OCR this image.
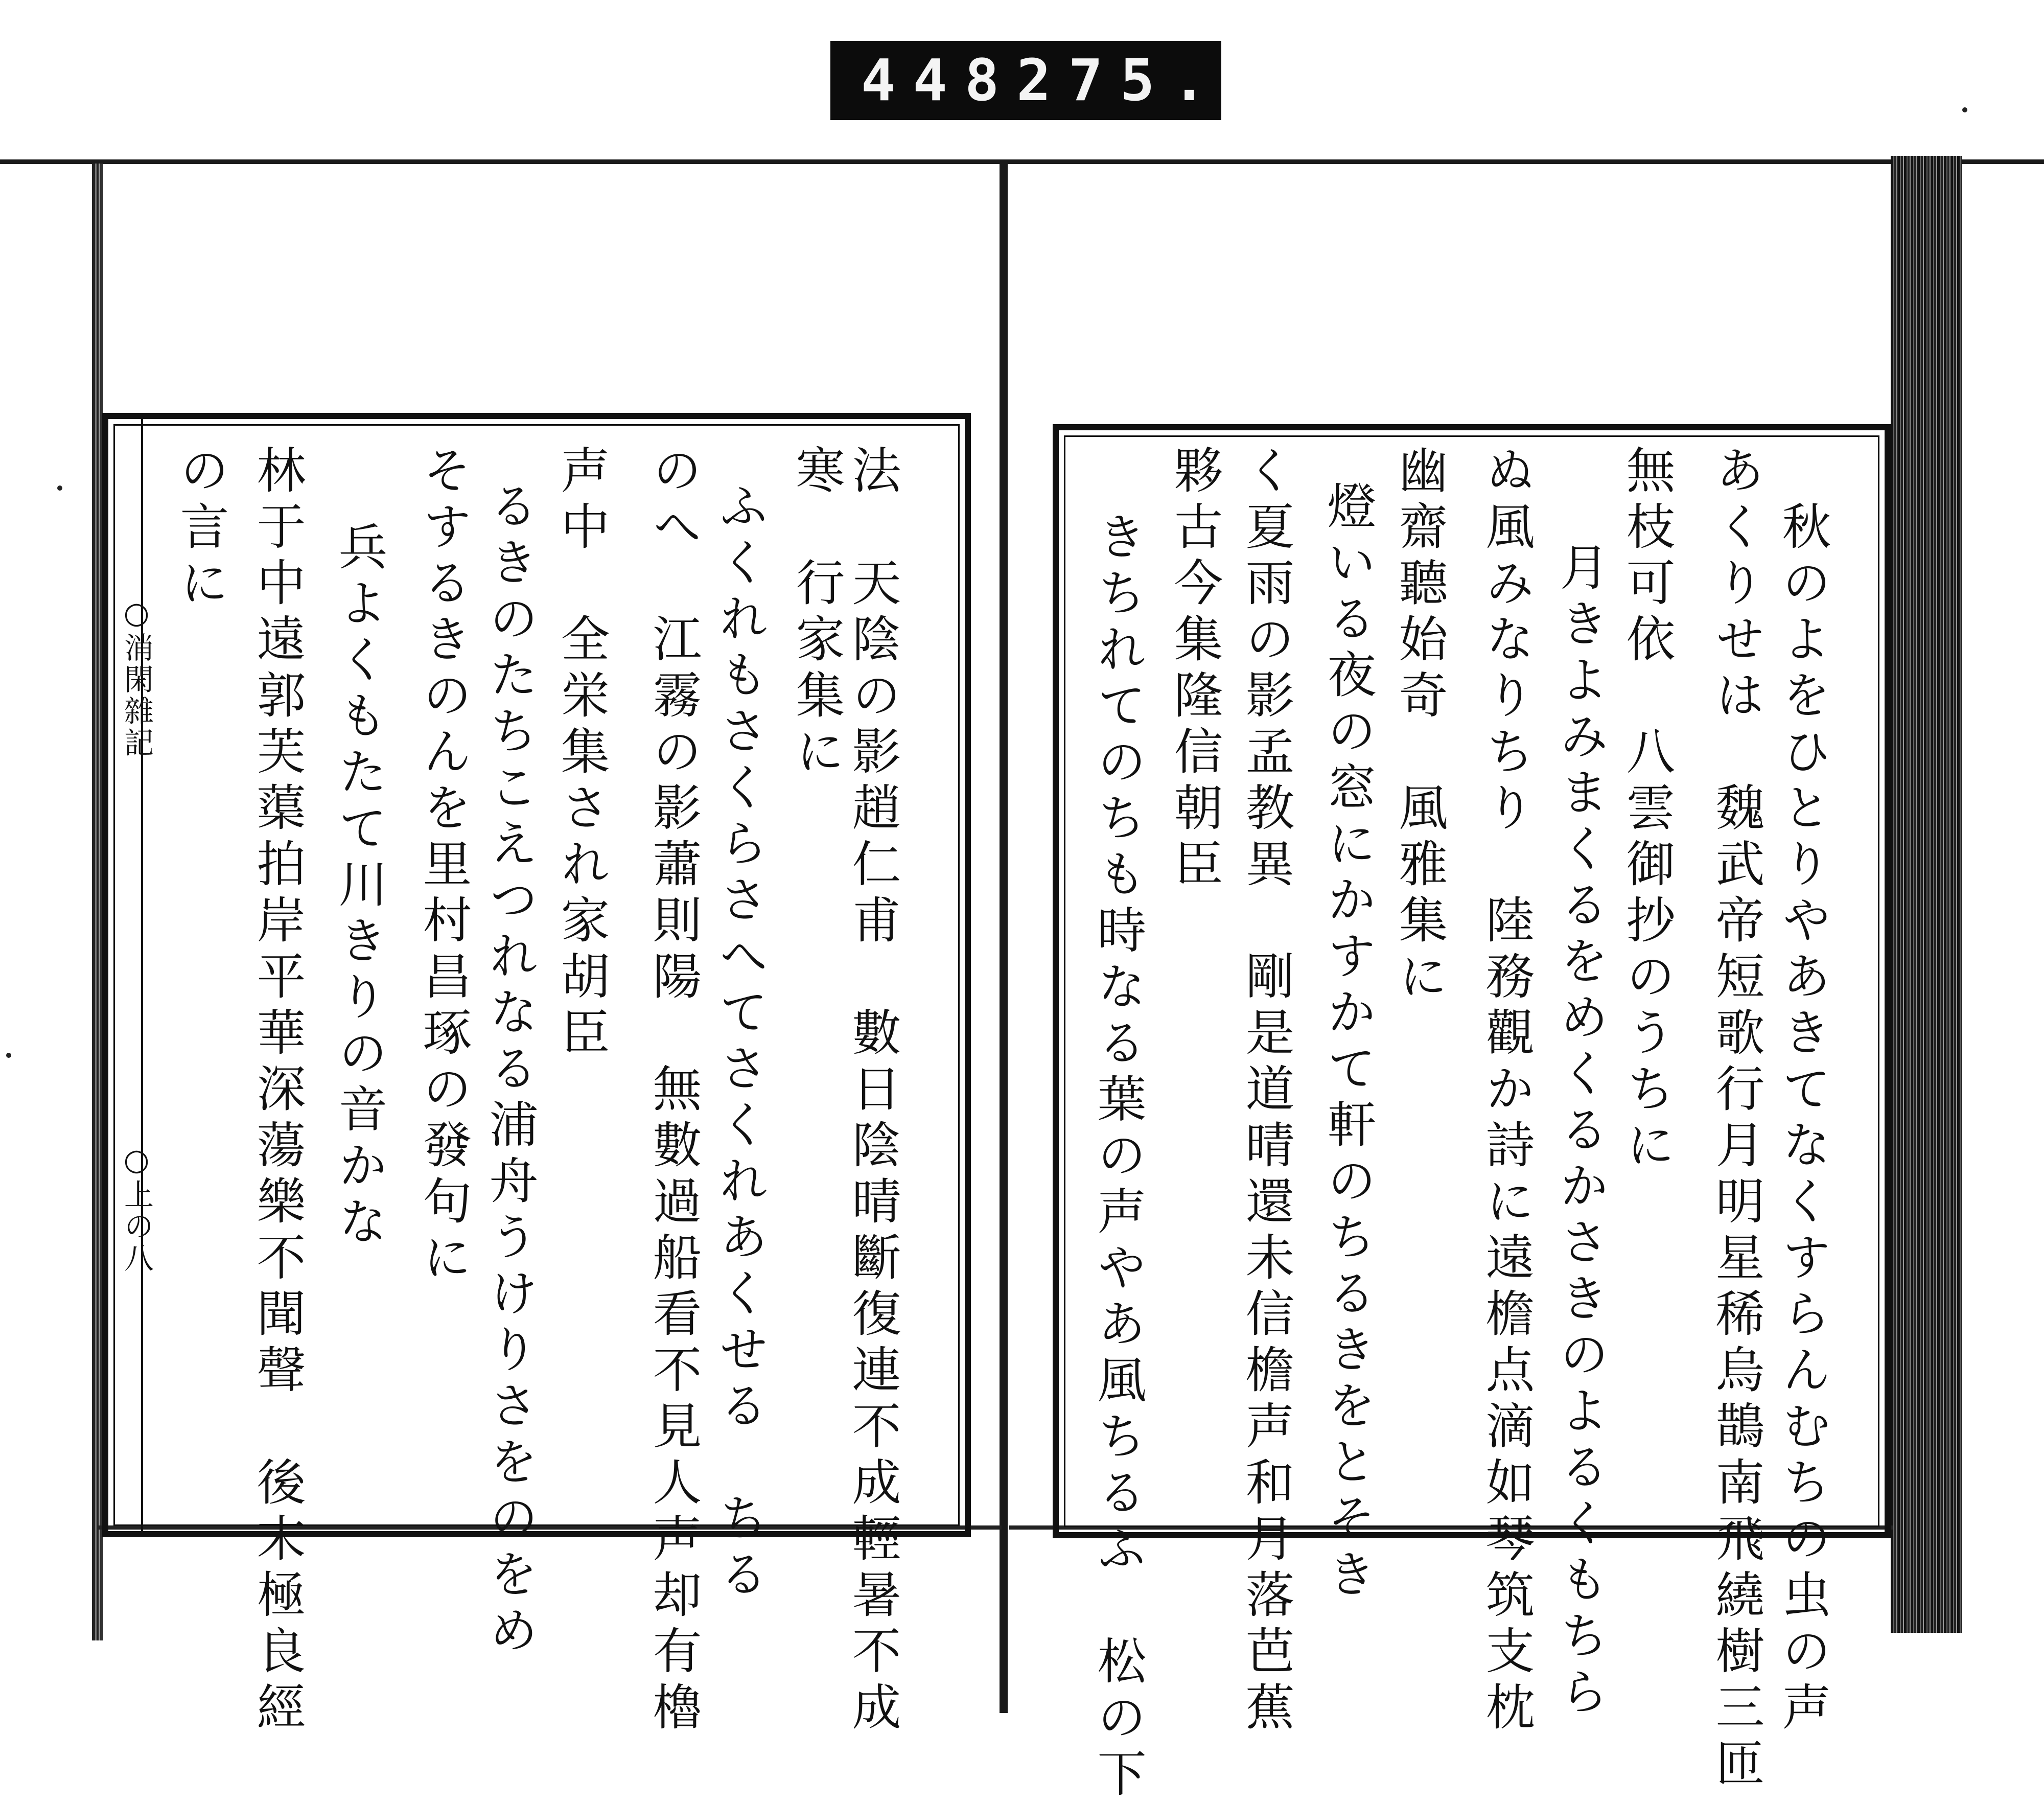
448 275.
○消閑雜記
○上の八	法　天陰の影趙仁甫　數日陰晴斷復連不成輕暑不成
寒　行家集に
ふくれもさくらさへてさくれあくせる　ちる
のへ　江霧の影蕭則陽　無數過船看不見人声却有櫓
声中　全栄集され家胡臣
るきのたちこえつれなる浦舟うけりさをのをめ
そするきのんを里村昌琢の發句に
兵よくもたて川きりの音かな
林于中遠郭芙蕖拍岸平華深蕩樂不聞聲　後末極良經
の言に	秋のよをひとりやあきてなくすらんむちの虫の声
あくりせは　魏武帝短歌行月明星稀烏鵲南飛繞樹三匝
無枝可依　八雲御抄のうちに
月きよみまくるをめくるかさきのよるくもちら
ぬ風みなりちり　陸務觀か詩に遠檐点滴如琴筑支枕
幽齋聽始奇　風雅集に
燈いる夜の窓にかすかて軒のちるきをとそき
く夏雨の影孟教異　剛是道晴還未信檐声和月落芭蕉
夥古今集隆信朝臣
きちれてのちも時なる葉の声やあ風ちるふ　松の下
